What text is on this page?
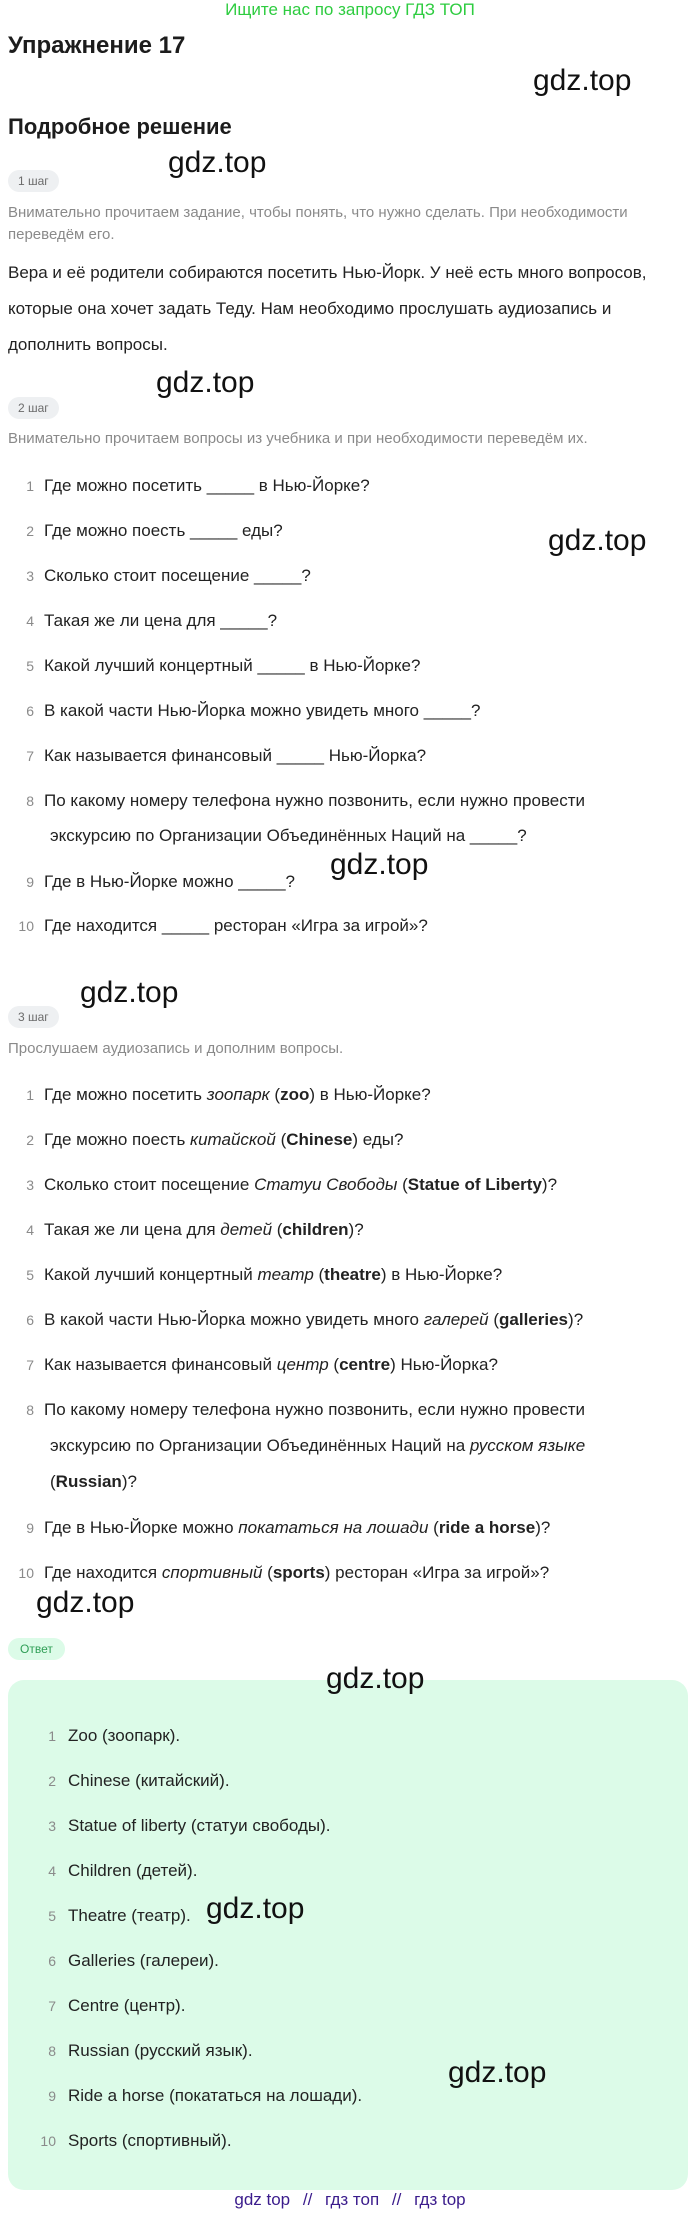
Ищите нас по запросу ГДЗ ТОП
Упражнение 17
gdz.top
Подробное решение
1 шаг
gdz.top
Внимательно прочитаем задание, чтобы понять, что нужно сделать. При необходимости переведём его.
Вера и её родители собираются посетить Нью-Йорк. У неё есть много вопросов, которые она хочет задать Теду. Нам необходимо прослушать аудиозапись и дополнить вопросы.
gdz.top
2 шаг
Внимательно прочитаем вопросы из учебника и при необходимости переведём их.
1 Где можно посетить _____ в Нью-Йорке?
2 Где можно поесть _____ еды?	gdz.top
3 Сколько стоит посещение _____?
4 Такая же ли цена для _____?
5 Какой лучший концертный _____ в Нью-Йорке?
6 В какой части Нью-Йорка можно увидеть много _____?
7 Как называется финансовый _____ Нью-Йорка?
8 По какому номеру телефона нужно позвонить, если нужно провести
экскурсию по Организации Объединённых Наций на _____?
gdz.top
9 Где в Нью-Йорке можно _____?
10 Где находится _____ ресторан «Игра за игрой»?
gdz.top
3 шаг
Прослушаем аудиозапись и дополним вопросы.
1 Где можно посетить зоопарк (zoo) в Нью-Йорке?
2 Где можно поесть китайской (Chinese) еды?
3 Сколько стоит посещение Статуи Свободы (Statue of Liberty)?
4 Такая же ли цена для детей (children)?
5 Какой лучший концертный театр (theatre) в Нью-Йорке?
6 В какой части Нью-Йорка можно увидеть много галерей (galleries)?
7 Как называется финансовый центр (centre) Нью-Йорка?
8 По какому номеру телефона нужно позвонить, если нужно провести
экскурсию по Организации Объединённых Наций на русском языке
(Russian)?
9 Где в Нью-Йорке можно покататься на лошади (ride a horse)?
10 Где находится спортивный (sports) ресторан «Игра за игрой»?
gdz.top
Ответ
gdz.top
1 Zoo (зоопарк).
2 Chinese (китайский).
3 Statue of liberty (статуи свободы).
4 Children (детей).
5 Theatre (театр). gdz.top
6 Galleries (галереи).
7 Centre (центр).
8 Russian (русский язык).
gdz.top
9 Ride a horse (покататься на лошади).
10 Sports (спортивный).
gdz top // гдз топ // гдз top
